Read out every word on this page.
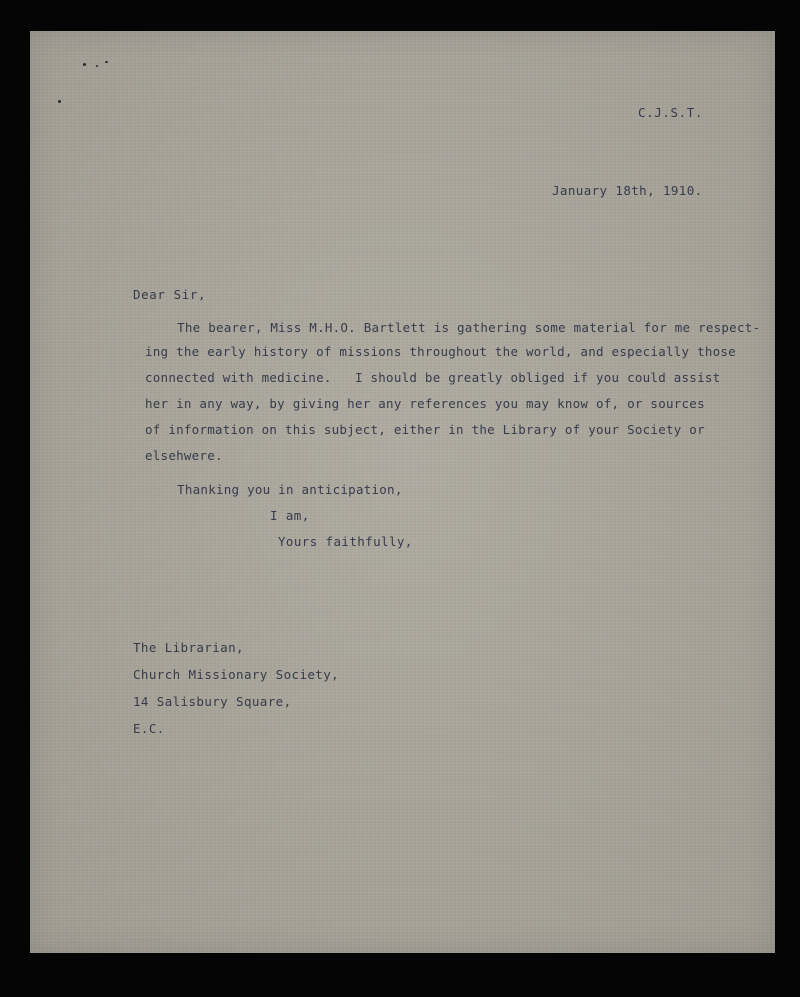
C.J.S.T.
January 18th, 1910.
Dear Sir,
The bearer, Miss M.H.O. Bartlett is gathering some material for me respect-
ing the early history of missions throughout the world, and especially those
connected with medicine.   I should be greatly obliged if you could assist
her in any way, by giving her any references you may know of, or sources
of information on this subject, either in the Library of your Society or
elsehwere.
Thanking you in anticipation,
I am,
Yours faithfully,
The Librarian,
Church Missionary Society,
14 Salisbury Square,
E.C.
